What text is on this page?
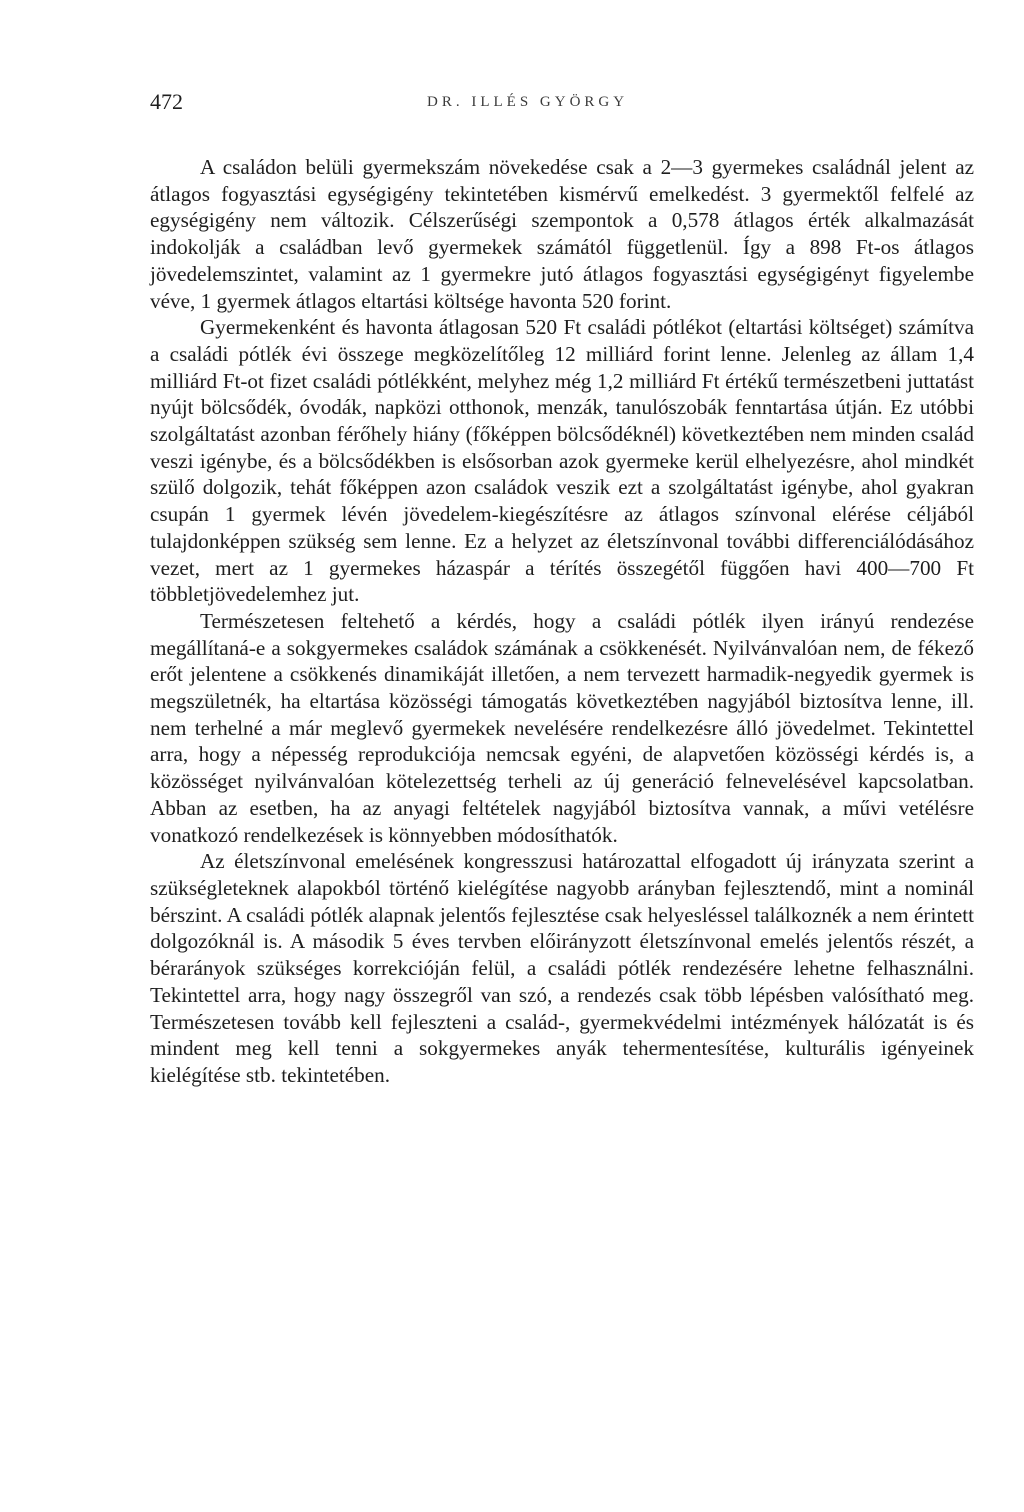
472	DR. ILLÉS GYÖRGY

A családon belüli gyermekszám növekedése csak a 2—3 gyermekes családnál jelent az átlagos fogyasztási egységigény tekintetében kismérvű emelkedést. 3 gyermektől felfelé az egységigény nem változik. Célszerűségi szempontok a 0,578 átlagos érték alkalmazását indokolják a családban levő gyermekek számától függetlenül. Így a 898 Ft-os átlagos jövedelemszintet, valamint az 1 gyermekre jutó átlagos fogyasztási egységigényt figyelembe véve, 1 gyermek átlagos eltartási költsége havonta 520 forint.

Gyermekenként és havonta átlagosan 520 Ft családi pótlékot (eltartási költséget) számítva a családi pótlék évi összege megközelítőleg 12 milliárd forint lenne. Jelenleg az állam 1,4 milliárd Ft-ot fizet családi pótlékként, melyhez még 1,2 milliárd Ft értékű természetbeni juttatást nyújt bölcsődék, óvodák, napközi otthonok, menzák, tanulószobák fenntartása útján. Ez utóbbi szolgáltatást azonban férőhely hiány (főképpen bölcsődéknél) következtében nem minden család veszi igénybe, és a bölcsődékben is elsősorban azok gyermeke kerül elhelyezésre, ahol mindkét szülő dolgozik, tehát főképpen azon családok veszik ezt a szolgáltatást igénybe, ahol gyakran csupán 1 gyermek lévén jövedelem-kiegészítésre az átlagos színvonal elérése céljából tulajdonképpen szükség sem lenne. Ez a helyzet az életszínvonal további differenciálódásához vezet, mert az 1 gyermekes házaspár a térítés összegétől függően havi 400—700 Ft többletjövedelemhez jut.

Természetesen feltehető a kérdés, hogy a családi pótlék ilyen irányú rendezése megállítaná-e a sokgyermekes családok számának a csökkenését. Nyilvánvalóan nem, de fékező erőt jelentene a csökkenés dinamikáját illetően, a nem tervezett harmadik-negyedik gyermek is megszületnék, ha eltartása közösségi támogatás következtében nagyjából biztosítva lenne, ill. nem terhelné a már meglevő gyermekek nevelésére rendelkezésre álló jövedelmet. Tekintettel arra, hogy a népesség reprodukciója nemcsak egyéni, de alapvetően közösségi kérdés is, a közösséget nyilvánvalóan kötelezettség terheli az új generáció felnevelésével kapcsolatban. Abban az esetben, ha az anyagi feltételek nagyjából biztosítva vannak, a művi vetélésre vonatkozó rendelkezések is könnyebben módosíthatók.

Az életszínvonal emelésének kongresszusi határozattal elfogadott új irányzata szerint a szükségleteknek alapokból történő kielégítése nagyobb arányban fejlesztendő, mint a nominál bérszint. A családi pótlék alapnak jelentős fejlesztése csak helyesléssel találkoznék a nem érintett dolgozóknál is. A második 5 éves tervben előirányzott életszínvonal emelés jelentős részét, a bérarányok szükséges korrekcióján felül, a családi pótlék rendezésére lehetne felhasználni. Tekintettel arra, hogy nagy összegről van szó, a rendezés csak több lépésben valósítható meg. Természetesen tovább kell fejleszteni a család-, gyermekvédelmi intézmények hálózatát is és mindent meg kell tenni a sokgyermekes anyák tehermentesítése, kulturális igényeinek kielégítése stb. tekintetében.
